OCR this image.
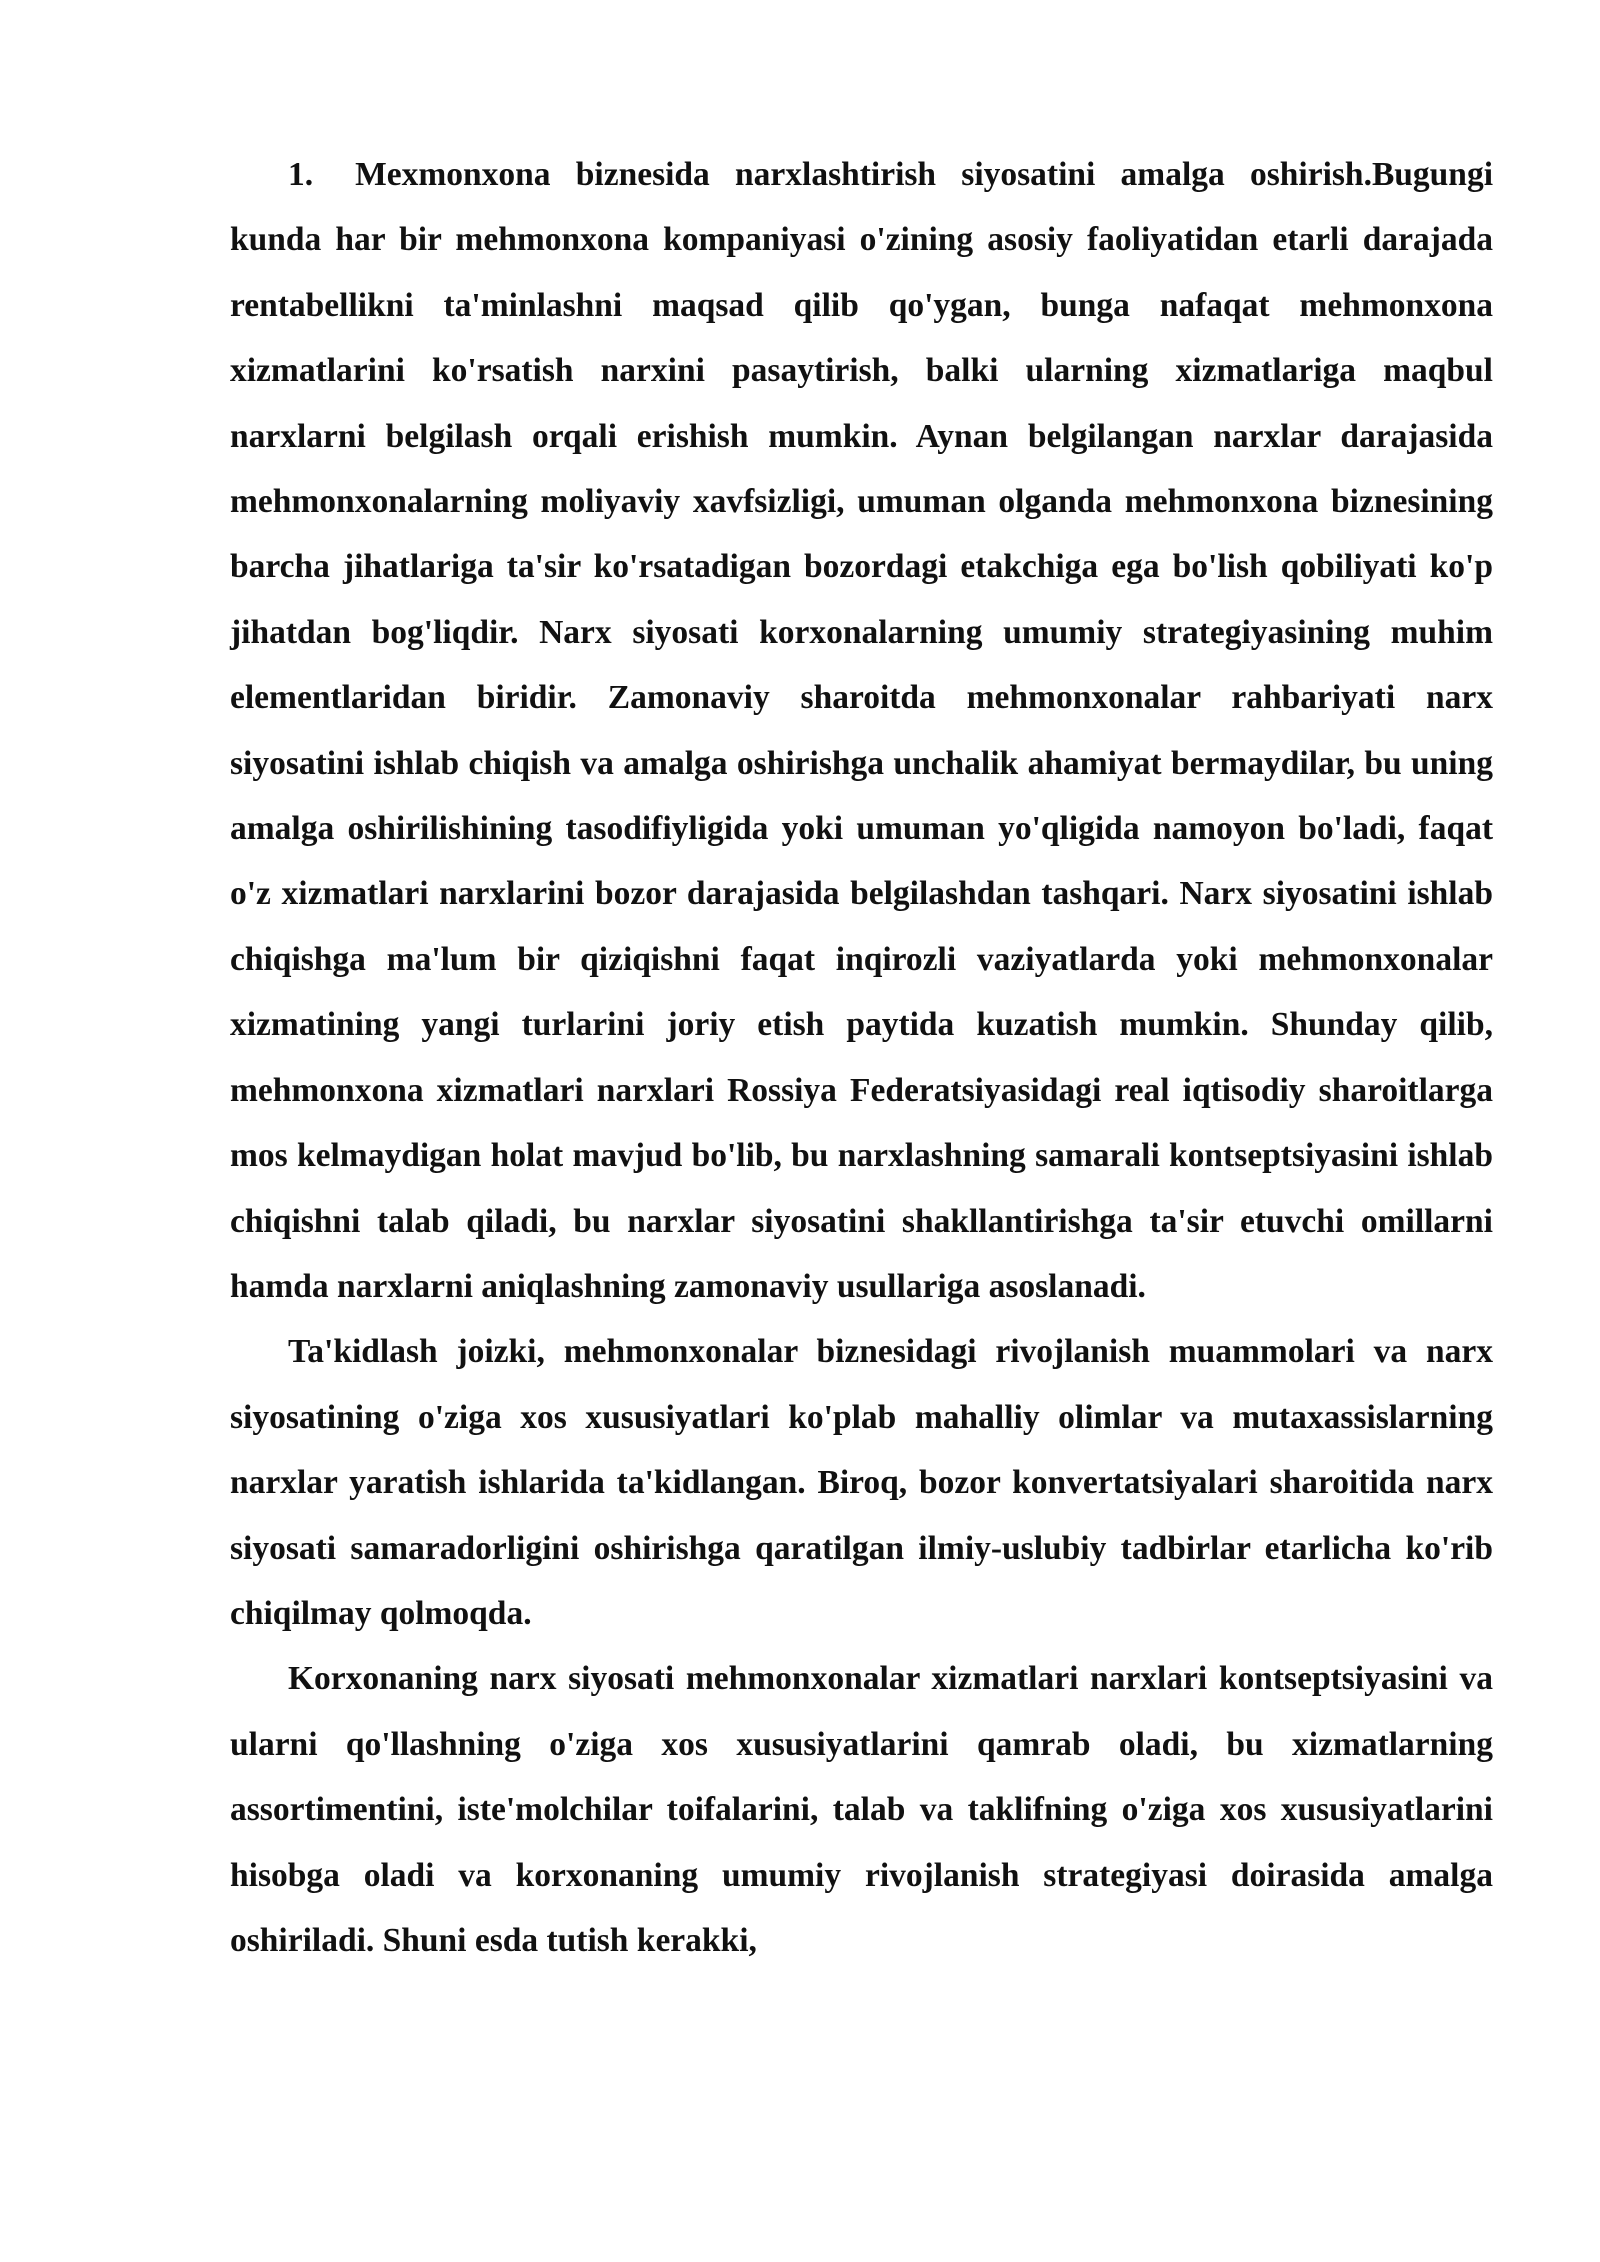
1. Mexmonxona biznesida narxlashtirish siyosatini amalga oshirish.Bugungi kunda har bir mehmonxona kompaniyasi o'zining asosiy faoliyatidan etarli darajada rentabellikni ta'minlashni maqsad qilib qo'ygan, bunga nafaqat mehmonxona xizmatlarini ko'rsatish narxini pasaytirish, balki ularning xizmatlariga maqbul narxlarni belgilash orqali erishish mumkin. Aynan belgilangan narxlar darajasida mehmonxonalarning moliyaviy xavfsizligi, umuman olganda mehmonxona biznesining barcha jihatlariga ta'sir ko'rsatadigan bozordagi etakchiga ega bo'lish qobiliyati ko'p jihatdan bog'liqdir. Narx siyosati korxonalarning umumiy strategiyasining muhim elementlaridan biridir. Zamonaviy sharoitda mehmonxonalar rahbariyati narx siyosatini ishlab chiqish va amalga oshirishga unchalik ahamiyat bermaydilar, bu uning amalga oshirilishining tasodifiyligida yoki umuman yo'qligida namoyon bo'ladi, faqat o'z xizmatlari narxlarini bozor darajasida belgilashdan tashqari. Narx siyosatini ishlab chiqishga ma'lum bir qiziqishni faqat inqirozli vaziyatlarda yoki mehmonxonalar xizmatining yangi turlarini joriy etish paytida kuzatish mumkin. Shunday qilib, mehmonxona xizmatlari narxlari Rossiya Federatsiyasidagi real iqtisodiy sharoitlarga mos kelmaydigan holat mavjud bo'lib, bu narxlashning samarali kontseptsiyasini ishlab chiqishni talab qiladi, bu narxlar siyosatini shakllantirishga ta'sir etuvchi omillarni hamda narxlarni aniqlashning zamonaviy usullariga asoslanadi.

Ta'kidlash joizki, mehmonxonalar biznesidagi rivojlanish muammolari va narx siyosatining o'ziga xos xususiyatlari ko'plab mahalliy olimlar va mutaxassislarning narxlar yaratish ishlarida ta'kidlangan. Biroq, bozor konvertatsiyalari sharoitida narx siyosati samaradorligini oshirishga qaratilgan ilmiy-uslubiy tadbirlar etarlicha ko'rib chiqilmay qolmoqda.

Korxonaning narx siyosati mehmonxonalar xizmatlari narxlari kontseptsiyasini va ularni qo'llashning o'ziga xos xususiyatlarini qamrab oladi, bu xizmatlarning assortimentini, iste'molchilar toifalarini, talab va taklifning o'ziga xos xususiyatlarini hisobga oladi va korxonaning umumiy rivojlanish strategiyasi doirasida amalga oshiriladi. Shuni esda tutish kerakki,
